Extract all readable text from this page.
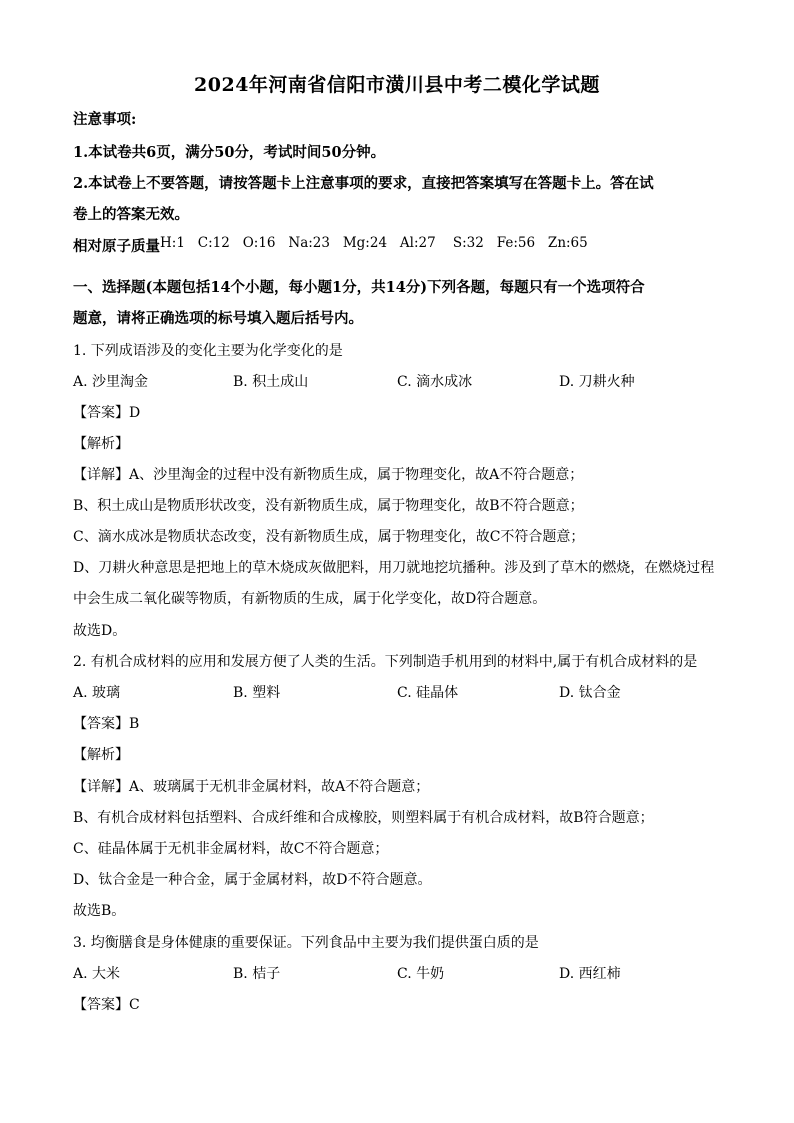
2024年河南省信阳市潢川县中考二模化学试题
注意事项:
1.本试卷共6页，满分50分，考试时间50分钟。
2.本试卷上不要答题，请按答题卡上注意事项的要求，直接把答案填写在答题卡上。答在试
卷上的答案无效。
相对原子质量H:1   C:12   O:16   Na:23   Mg:24   Al:27    S:32   Fe:56   Zn:65
一、选择题(本题包括14个小题，每小题1分，共14分)下列各题，每题只有一个选项符合
题意，请将正确选项的标号填入题后括号内。
1. 下列成语涉及的变化主要为化学变化的是
A. 沙里淘金	B. 积土成山	C. 滴水成冰	D. 刀耕火种
【答案】D
【解析】
【详解】A、沙里淘金的过程中没有新物质生成，属于物理变化，故A不符合题意；
B、积土成山是物质形状改变，没有新物质生成，属于物理变化，故B不符合题意；
C、滴水成冰是物质状态改变，没有新物质生成，属于物理变化，故C不符合题意；
D、刀耕火种意思是把地上的草木烧成灰做肥料，用刀就地挖坑播种。涉及到了草木的燃烧，在燃烧过程
中会生成二氧化碳等物质，有新物质的生成，属于化学变化，故D符合题意。
故选D。
2. 有机合成材料的应用和发展方便了人类的生活。下列制造手机用到的材料中,属于有机合成材料的是
A. 玻璃	B. 塑料	C. 硅晶体	D. 钛合金
【答案】B
【解析】
【详解】A、玻璃属于无机非金属材料，故A不符合题意；
B、有机合成材料包括塑料、合成纤维和合成橡胶，则塑料属于有机合成材料，故B符合题意；
C、硅晶体属于无机非金属材料，故C不符合题意；
D、钛合金是一种合金，属于金属材料，故D不符合题意。
故选B。
3. 均衡膳食是身体健康的重要保证。下列食品中主要为我们提供蛋白质的是
A. 大米	B. 桔子	C. 牛奶	D. 西红柿
【答案】C
